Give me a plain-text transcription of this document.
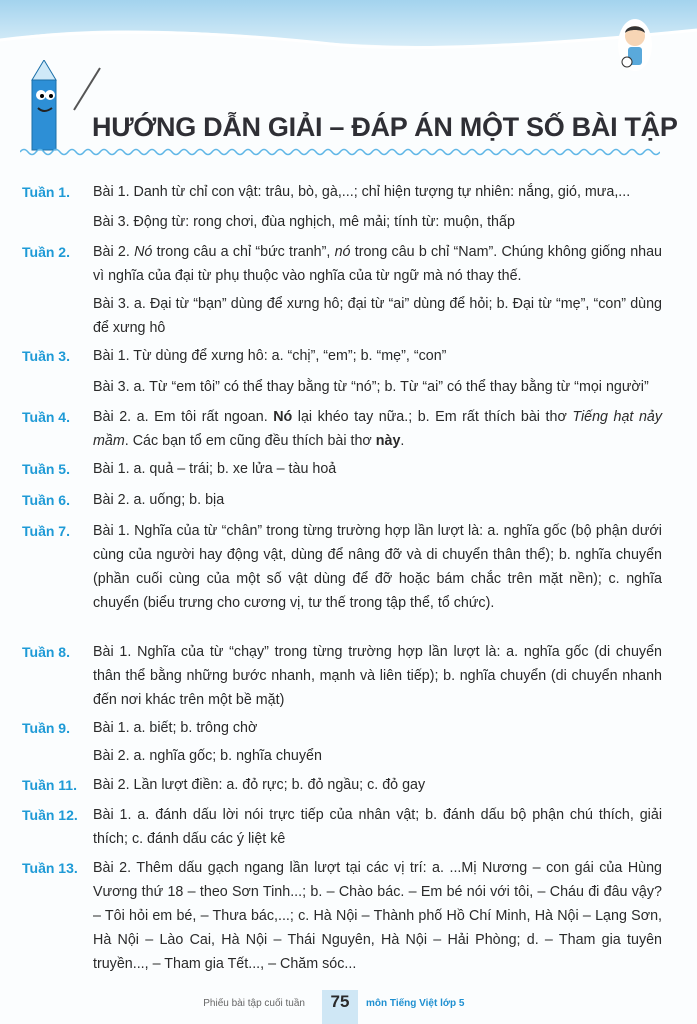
HƯỚNG DẪN GIẢI – ĐÁP ÁN MỘT SỐ BÀI TẬP
Tuần 1. Bài 1. Danh từ chỉ con vật: trâu, bò, gà,...; chỉ hiện tượng tự nhiên: nắng, gió, mưa,...
Bài 3. Động từ: rong chơi, đùa nghịch, mê mải; tính từ: muộn, thấp
Tuần 2. Bài 2. Nó trong câu a chỉ “bức tranh”, nó trong câu b chỉ “Nam”. Chúng không giống nhau vì nghĩa của đại từ phụ thuộc vào nghĩa của từ ngữ mà nó thay thế.
Bài 3. a. Đại từ “bạn” dùng để xưng hô; đại từ “ai” dùng để hỏi; b. Đại từ “mẹ”, “con” dùng để xưng hô
Tuần 3. Bài 1. Từ dùng để xưng hô: a. “chị”, “em”; b. “mẹ”, “con”
Bài 3. a. Từ “em tôi” có thể thay bằng từ “nó”; b. Từ “ai” có thể thay bằng từ “mọi người”
Tuần 4. Bài 2. a. Em tôi rất ngoan. Nó lại khéo tay nữa.; b. Em rất thích bài thơ Tiếng hạt nảy mầm. Các bạn tổ em cũng đều thích bài thơ này.
Tuần 5. Bài 1. a. quả – trái; b. xe lửa – tàu hoả
Tuần 6. Bài 2. a. uống; b. bịa
Tuần 7. Bài 1. Nghĩa của từ “chân” trong từng trường hợp lần lượt là: a. nghĩa gốc (bộ phận dưới cùng của người hay động vật, dùng để nâng đỡ và di chuyển thân thể); b. nghĩa chuyển (phần cuối cùng của một số vật dùng để đỡ hoặc bám chắc trên mặt nền); c. nghĩa chuyển (biểu trưng cho cương vị, tư thế trong tập thể, tổ chức).
Tuần 8. Bài 1. Nghĩa của từ “chạy” trong từng trường hợp lần lượt là: a. nghĩa gốc (di chuyển thân thể bằng những bước nhanh, mạnh và liên tiếp); b. nghĩa chuyển (di chuyển nhanh đến nơi khác trên một bề mặt)
Tuần 9. Bài 1. a. biết; b. trông chờ
Bài 2. a. nghĩa gốc; b. nghĩa chuyển
Tuần 11. Bài 2. Lần lượt điền: a. đỏ rực; b. đỏ ngầu; c. đỏ gay
Tuần 12. Bài 1. a. đánh dấu lời nói trực tiếp của nhân vật; b. đánh dấu bộ phận chú thích, giải thích; c. đánh dấu các ý liệt kê
Tuần 13. Bài 2. Thêm dấu gạch ngang lần lượt tại các vị trí: a. ...Mị Nương – con gái của Hùng Vương thứ 18 – theo Sơn Tinh...; b. – Chào bác. – Em bé nói với tôi, – Cháu đi đâu vậy? – Tôi hỏi em bé, – Thưa bác,...; c. Hà Nội – Thành phố Hồ Chí Minh, Hà Nội – Lạng Sơn, Hà Nội – Lào Cai, Hà Nội – Thái Nguyên, Hà Nội – Hải Phòng; d. – Tham gia tuyên truyền..., – Tham gia Tết..., – Chăm sóc...
Phiếu bài tập cuối tuần	75	môn Tiếng Việt lớp 5
